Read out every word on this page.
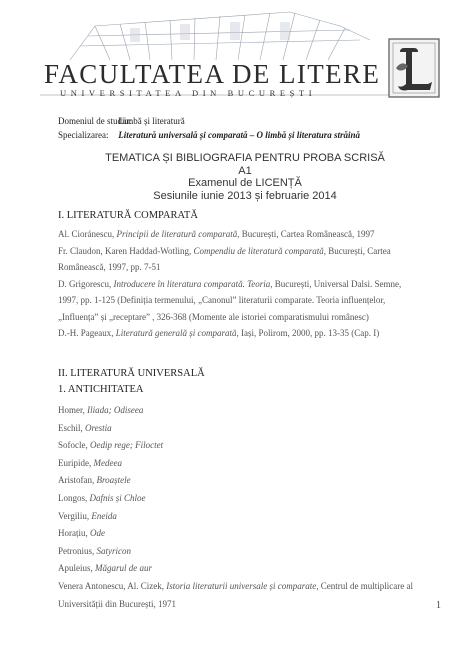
FACULTATEA DE LITERE
UNIVERSITATEA DIN BUCUREȘTI
Domeniul de studiu: Limbă și literatură
Specializarea: Literatură universală și comparată – O limbă și literatura străină
TEMATICA ȘI BIBLIOGRAFIA PENTRU PROBA SCRISĂ A1
Examenul de LICENȚĂ
Sesiunile iunie 2013 și februarie 2014
I. LITERATURĂ COMPARATĂ
Al. Cioránescu, Principii de literatură comparată, București, Cartea Românească, 1997
Fr. Claudon, Karen Haddad-Wotling, Compendiu de literatură comparată, București, Cartea
Românească, 1997, pp. 7-51
D. Grigorescu, Introducere în literatura comparată. Teoria, București, Universal Dalsi. Semne,
1997, pp. 1-125 (Definiția termenului, „Canonul” literaturii comparate. Teoria influențelor,
„Influența” și „receptare” , 326-368 (Momente ale istoriei comparatismului românesc)
D.-H. Pageaux, Literatură generală și comparată, Iași, Polirom, 2000, pp. 13-35 (Cap. I)
II. LITERATURĂ UNIVERSALĂ
1. ANTICHITATEA
Homer, Iliada; Odiseea
Eschil, Orestia
Sofocle, Oedip rege; Filoctet
Euripide, Medeea
Aristofan, Broaștele
Longos, Dafnis și Chloe
Vergiliu, Eneida
Horațiu, Ode
Petronius, Satyricon
Apuleius, Măgarul de aur
Venera Antonescu, Al. Cizek, Istoria literaturii universale și comparate, Centrul de multiplicare al
Universității din București, 1971	1
